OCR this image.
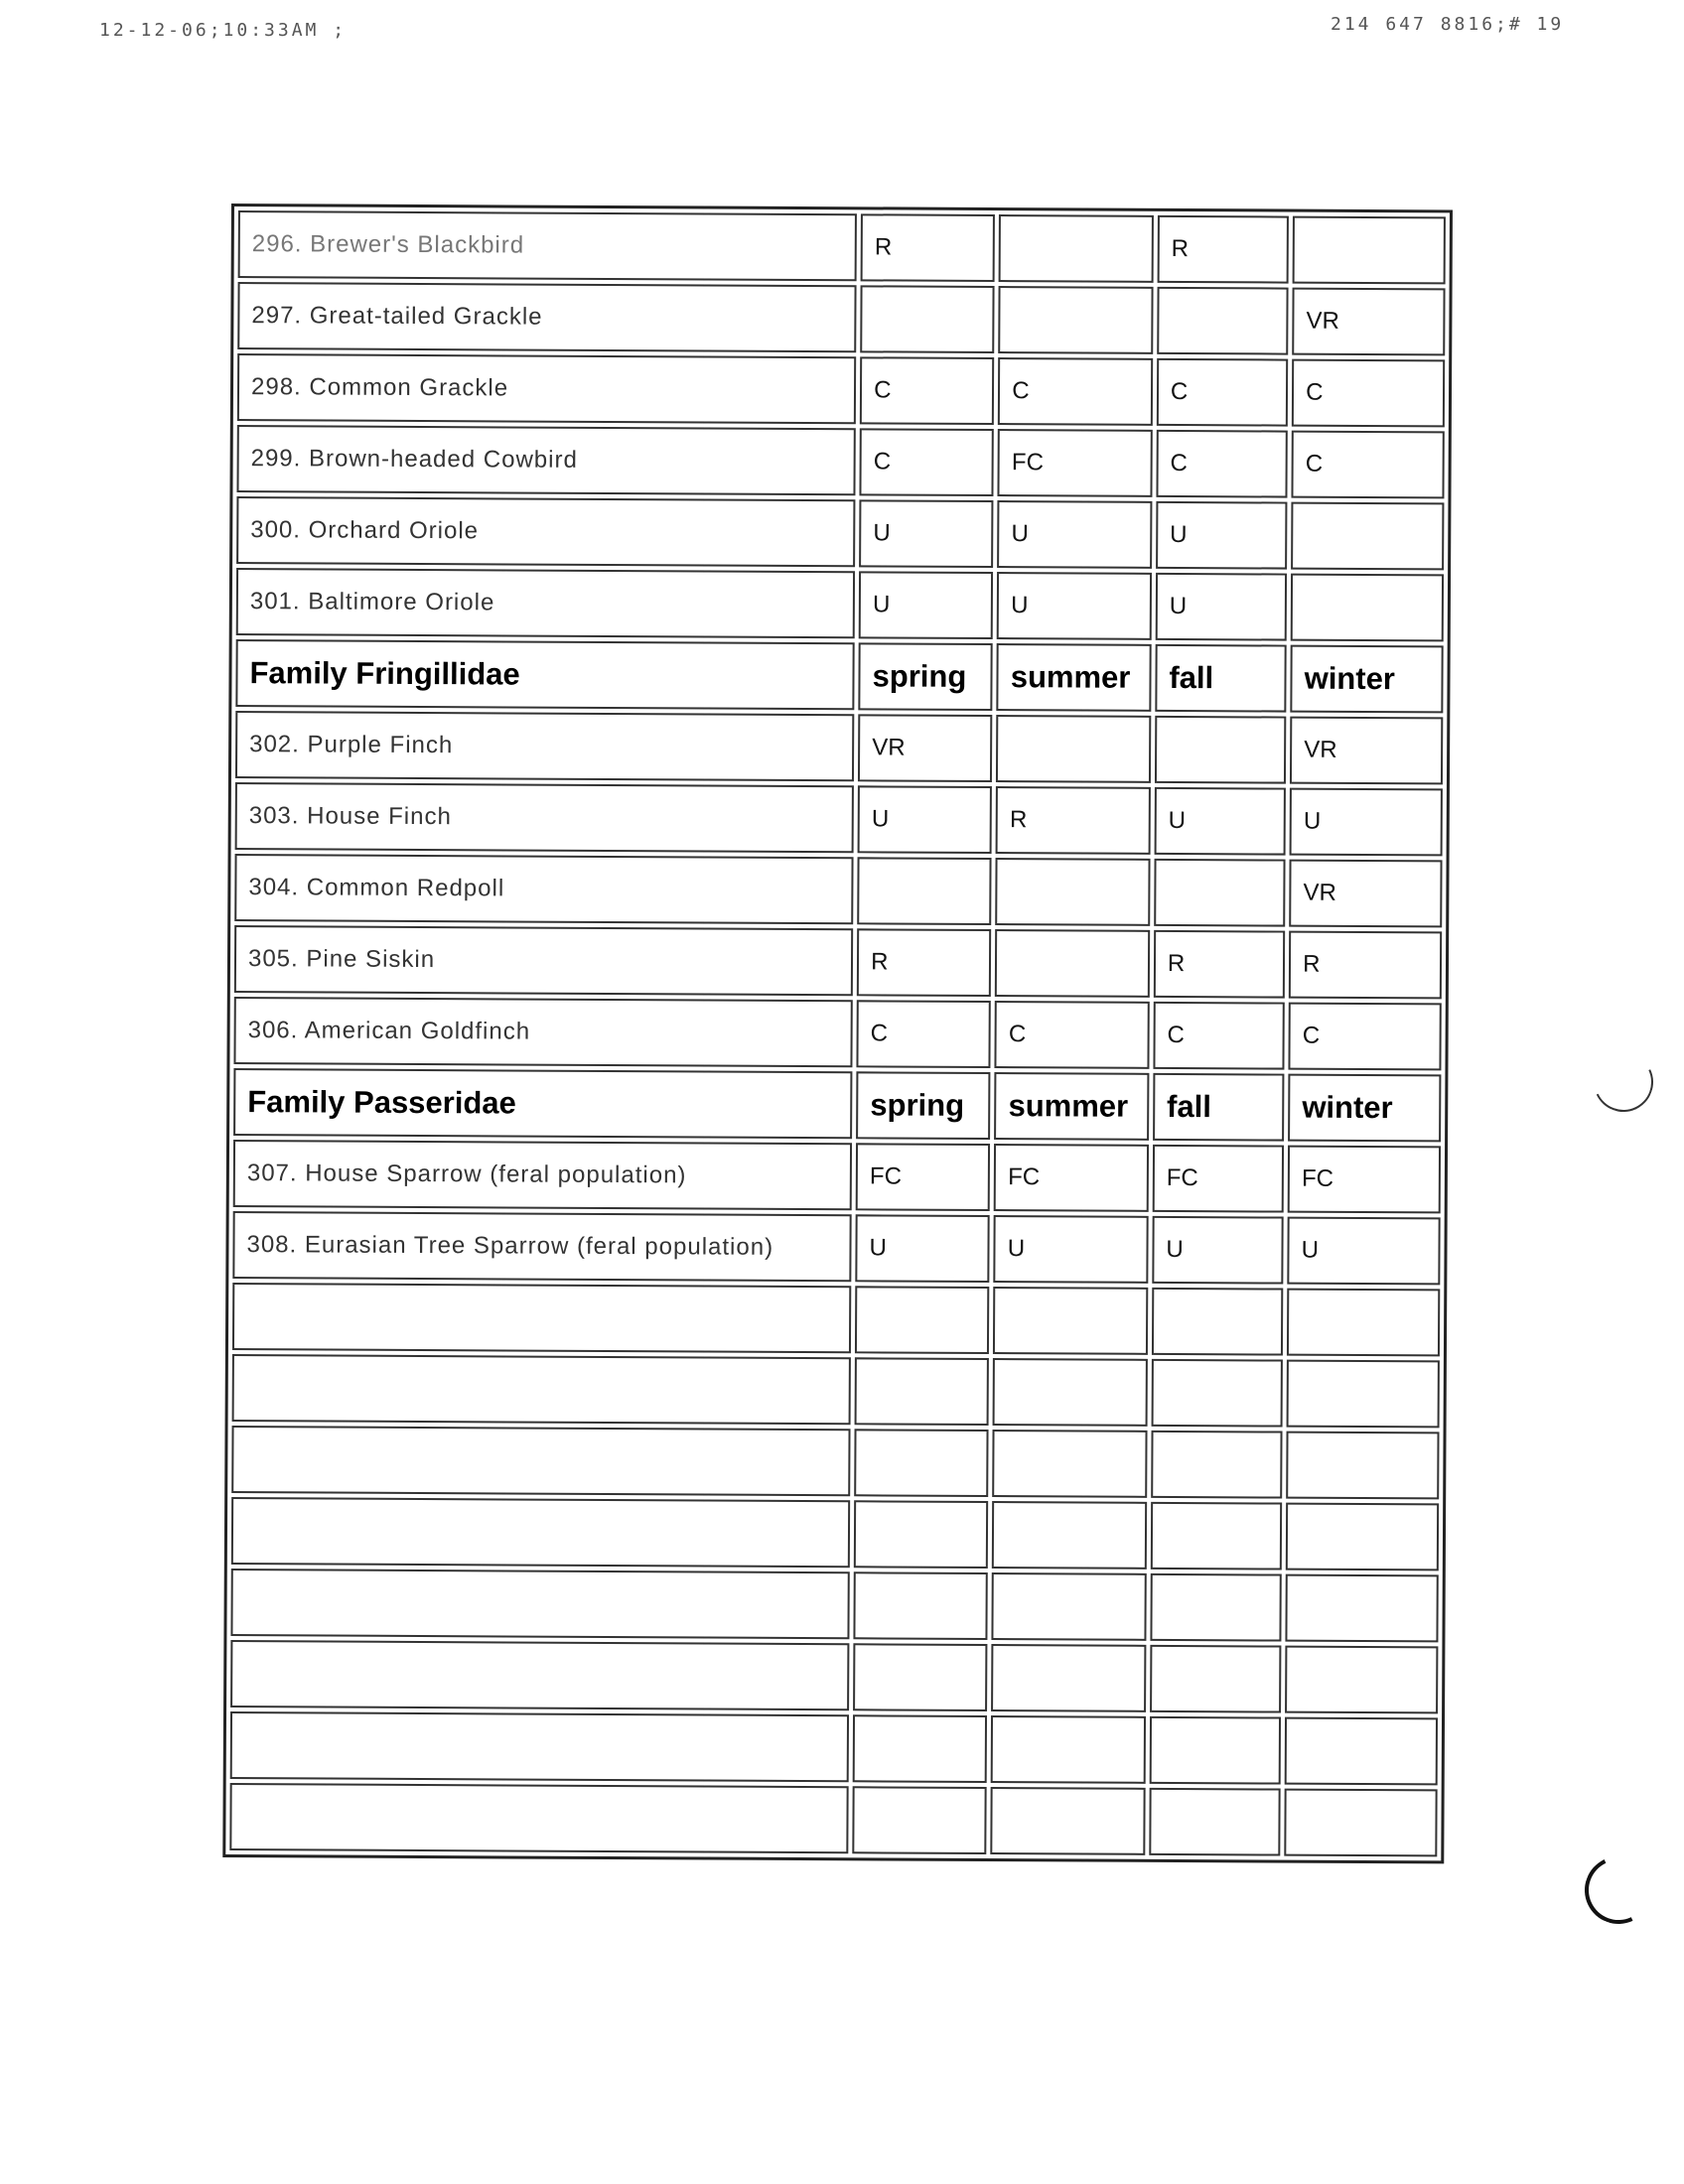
12-12-06;10:33AM ;	214 647 8816;# 19
296. Brewer's Blackbird	R		R	
297. Great-tailed Grackle				VR
298. Common Grackle	C	C	C	C
299. Brown-headed Cowbird	C	FC	C	C
300. Orchard Oriole	U	U	U	
301. Baltimore Oriole	U	U	U	
Family Fringillidae	spring	summer	fall	winter
302. Purple Finch	VR			VR
303. House Finch	U	R	U	U
304. Common Redpoll				VR
305. Pine Siskin	R		R	R
306. American Goldfinch	C	C	C	C
Family Passeridae	spring	summer	fall	winter
307. House Sparrow (feral population)	FC	FC	FC	FC
308. Eurasian Tree Sparrow (feral population)	U	U	U	U
